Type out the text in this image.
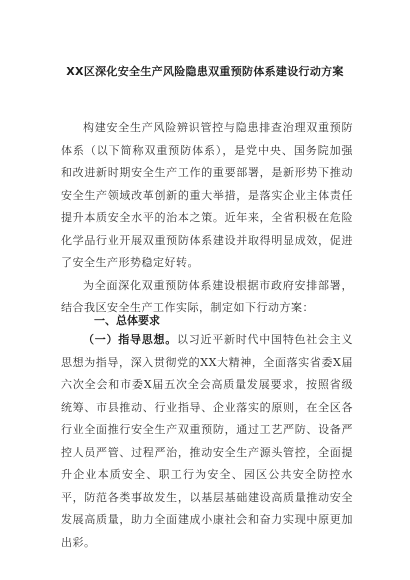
XX区深化安全生产风险隐患双重预防体系建设行动方案

构建安全生产风险辨识管控与隐患排查治理双重预防体系（以下简称双重预防体系），是党中央、国务院加强和改进新时期安全生产工作的重要部署，是新形势下推动安全生产领域改革创新的重大举措，是落实企业主体责任提升本质安全水平的治本之策。近年来，全省积极在危险化学品行业开展双重预防体系建设并取得明显成效，促进了安全生产形势稳定好转。

为全面深化双重预防体系建设根据市政府安排部署，结合我区安全生产工作实际，制定如下行动方案：

一、总体要求

（一）指导思想。以习近平新时代中国特色社会主义思想为指导，深入贯彻党的XX大精神，全面落实省委X届六次全会和市委X届五次全会高质量发展要求，按照省级统筹、市县推动、行业指导、企业落实的原则，在全区各行业全面推行安全生产双重预防，通过工艺严防、设备严控人员严管、过程严治，推动安全生产源头管控，全面提升企业本质安全、职工行为安全、园区公共安全防控水平，防范各类事故发生，以基层基础建设高质量推动安全发展高质量，助力全面建成小康社会和奋力实现中原更加出彩。
